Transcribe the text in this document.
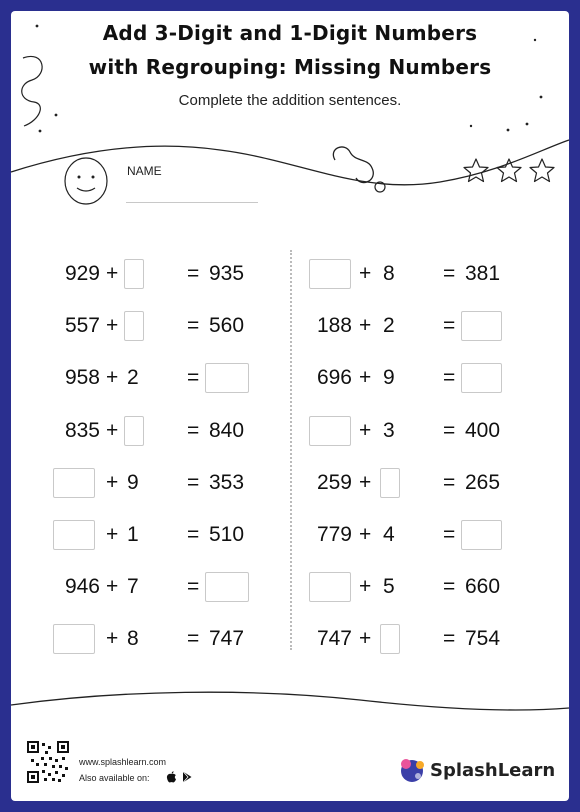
Add 3-Digit and 1-Digit Numbers
with Regrouping: Missing Numbers
Complete the addition sentences.
NAME
929 +	= 935	+ 8 = 381
557 +	= 560	188 + 2 =
958 + 2 =	696 + 9 =
835 +	= 840	+ 3 = 400
+ 9 = 353	259 +	= 265
+ 1 = 510	779 + 4 =
946 + 7 =	+ 5 = 660
+ 8 = 747	747 +	= 754
www.splashlearn.com
Also available on:	SplashLearn
